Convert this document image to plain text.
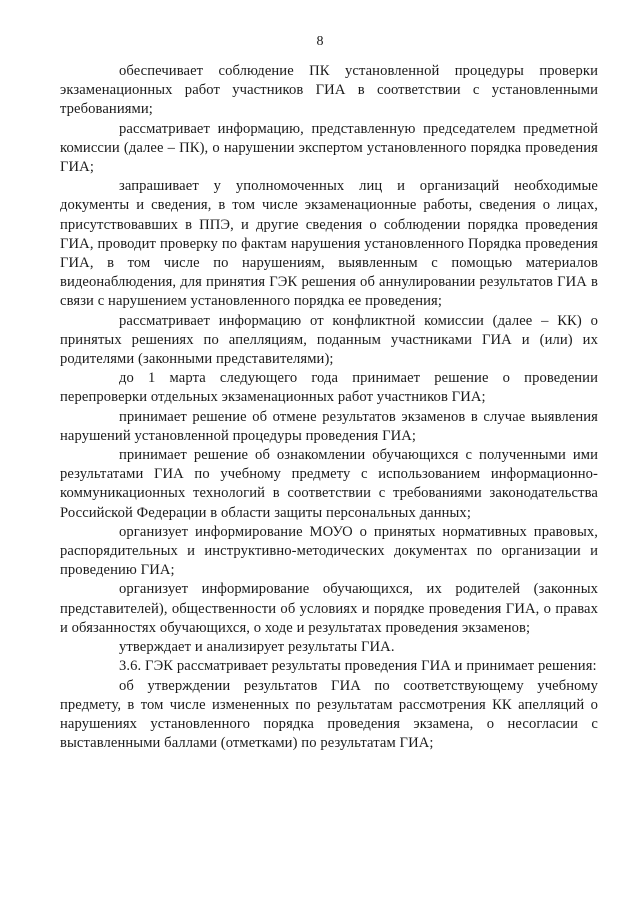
8

обеспечивает соблюдение ПК установленной процедуры проверки экзаменационных работ участников ГИА в соответствии с установленными требованиями;

рассматривает информацию, представленную председателем предметной комиссии (далее – ПК), о нарушении экспертом установленного порядка проведения ГИА;

запрашивает у уполномоченных лиц и организаций необходимые документы и сведения, в том числе экзаменационные работы, сведения о лицах, присутствовавших в ППЭ, и другие сведения о соблюдении порядка проведения ГИА, проводит проверку по фактам нарушения установленного Порядка проведения ГИА, в том числе по нарушениям, выявленным с помощью материалов видеонаблюдения, для принятия ГЭК решения об аннулировании результатов ГИА в связи с нарушением установленного порядка ее проведения;

рассматривает информацию от конфликтной комиссии (далее – КК) о принятых решениях по апелляциям, поданным участниками ГИА и (или) их родителями (законными представителями);

до 1 марта следующего года принимает решение о проведении перепроверки отдельных экзаменационных работ участников ГИА;

принимает решение об отмене результатов экзаменов в случае выявления нарушений установленной процедуры проведения ГИА;

принимает решение об ознакомлении обучающихся с полученными ими результатами ГИА по учебному предмету с использованием информационно-коммуникационных технологий в соответствии с требованиями законодательства Российской Федерации в области защиты персональных данных;

организует информирование МОУО о принятых нормативных правовых, распорядительных и инструктивно-методических документах по организации и проведению ГИА;

организует информирование обучающихся, их родителей (законных представителей), общественности об условиях и порядке проведения ГИА, о правах и обязанностях обучающихся, о ходе и результатах проведения экзаменов;

утверждает и анализирует результаты ГИА.

3.6. ГЭК рассматривает результаты проведения ГИА и принимает решения:

об утверждении результатов ГИА по соответствующему учебному предмету, в том числе измененных по результатам рассмотрения КК апелляций о нарушениях установленного порядка проведения экзамена, о несогласии с выставленными баллами (отметками) по результатам ГИА;
